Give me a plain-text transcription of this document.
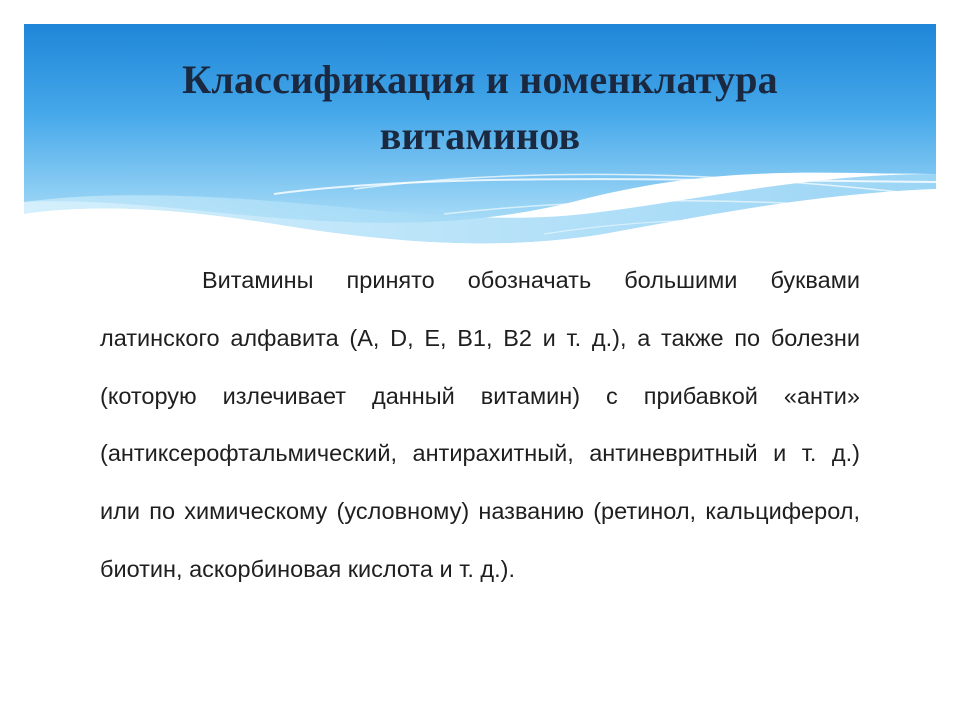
Классификация и номенклатура
витаминов

Витамины принято обозначать большими буквами латинского алфавита (A, D, E, B1, B2 и т. д.), а также по болезни (которую излечивает данный витамин) с прибавкой «анти» (антиксерофтальмический, антирахитный, антиневритный и т. д.) или по химическому (условному) названию (ретинол, кальциферол, биотин, аскорбиновая кислота и т. д.).
